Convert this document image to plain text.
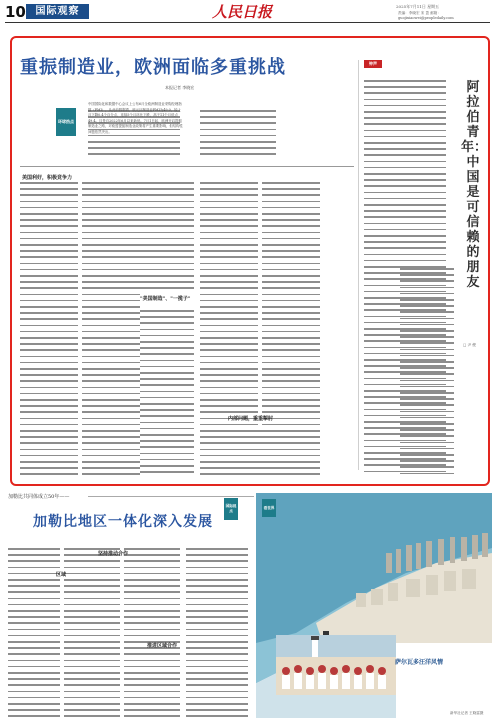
10 国际观察	人民日报	2025年7月11日 星期五
责编：李晓宏 宋 盈 邮箱：guojixiaowei@peopledaily.com
重振制造业，欧洲面临多重挑战
本报记者 李晓宏
环球热点
美国利好，积极竞争力
"美国制造"、"一揽子"
内部问题，重重掣肘
中国国际化和数据中心会议上公布6月全欧洲制造业采购经理指数（PMI），从此前数据看，欧元区制造业PMI为49.0，较上月下降0.4个百分点，连续5个月环比下跌，高于11个月低点49.4。这是自2022年6月以来新低。7月1日起，欧洲开启提振制造业之路，对欧盟提振制造业政策将产生重要影响，但结构性问题依然突出。
钟声
阿拉伯青年：中国是可信赖的朋友
□ 尹 俊
加勒比共同体成立50年——
加勒比地区一体化深入发展
国际视点
区域
坚持推动合作
推进区域合作
看世界
萨尔瓦多汪洋风情
新华社记者 王晓雷摄
